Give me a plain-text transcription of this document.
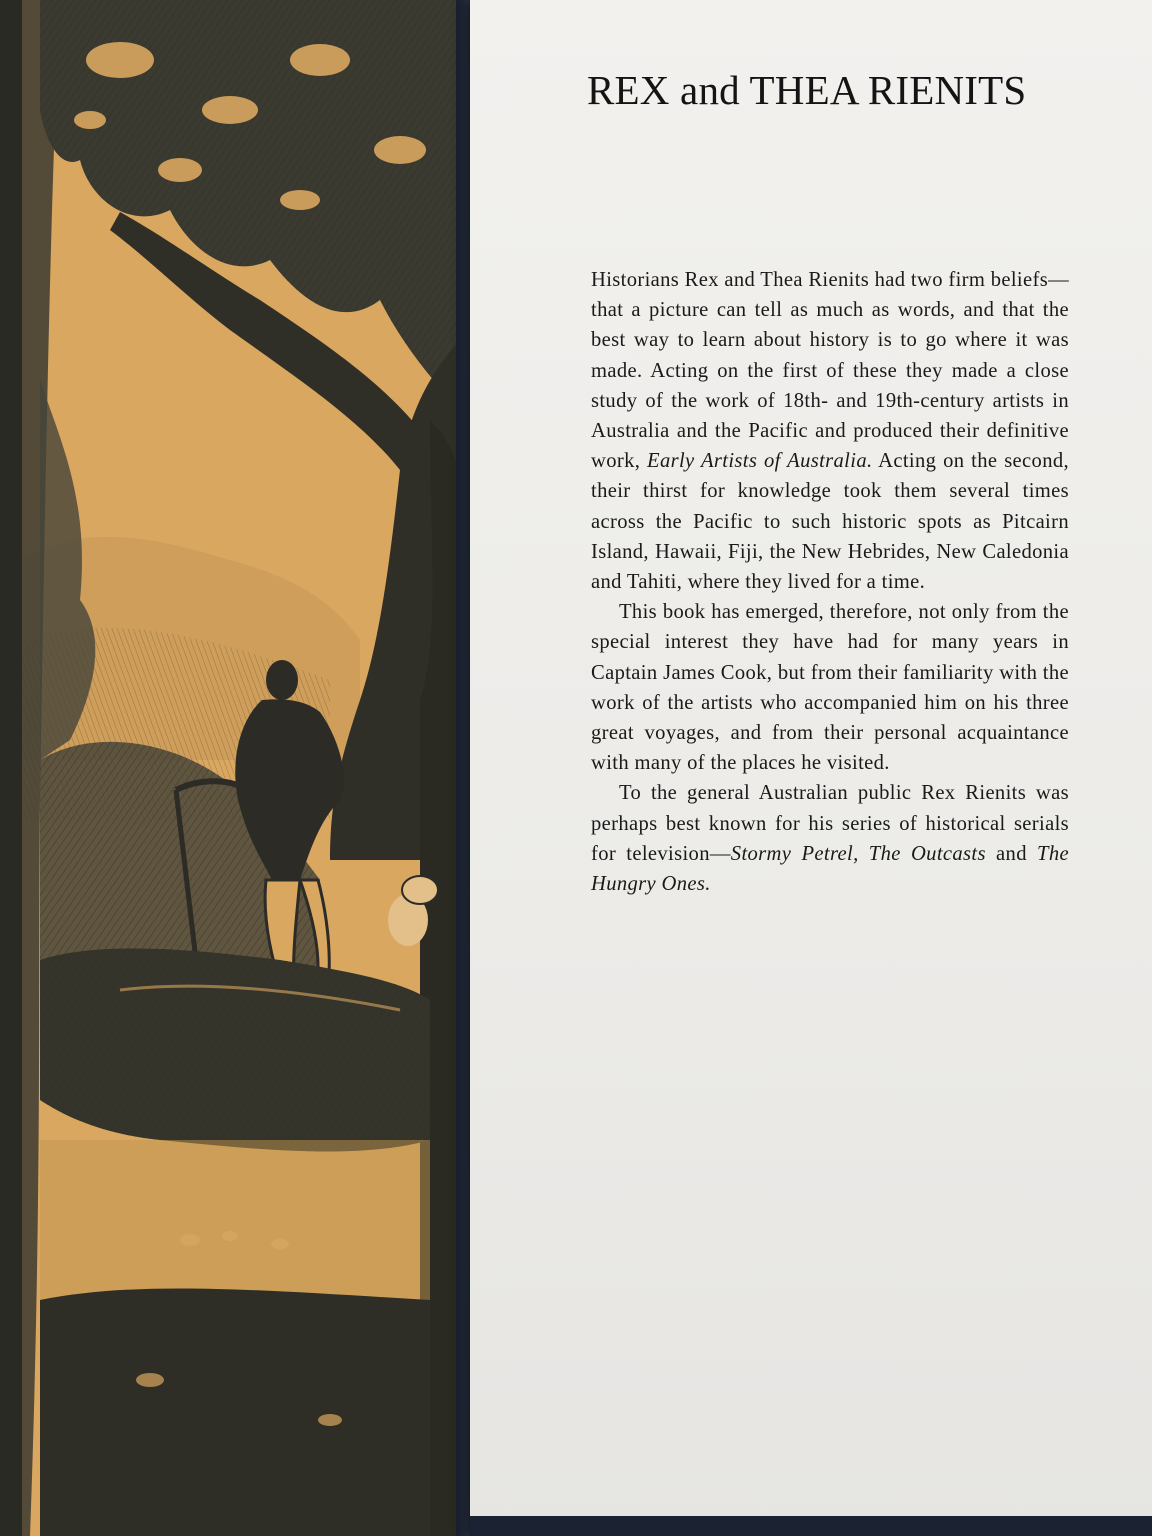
REX and THEA RIENITS

Historians Rex and Thea Rienits had two firm beliefs—that a picture can tell as much as words, and that the best way to learn about history is to go where it was made. Acting on the first of these they made a close study of the work of 18th- and 19th-century artists in Australia and the Pacific and produced their definitive work, Early Artists of Australia. Acting on the second, their thirst for knowledge took them several times across the Pacific to such historic spots as Pitcairn Island, Hawaii, Fiji, the New Hebrides, New Caledonia and Tahiti, where they lived for a time.

This book has emerged, therefore, not only from the special interest they have had for many years in Captain James Cook, but from their familiarity with the work of the artists who accompanied him on his three great voyages, and from their personal acquaintance with many of the places he visited.

To the general Australian public Rex Rienits was perhaps best known for his series of historical serials for television—Stormy Petrel, The Outcasts and The Hungry Ones.
